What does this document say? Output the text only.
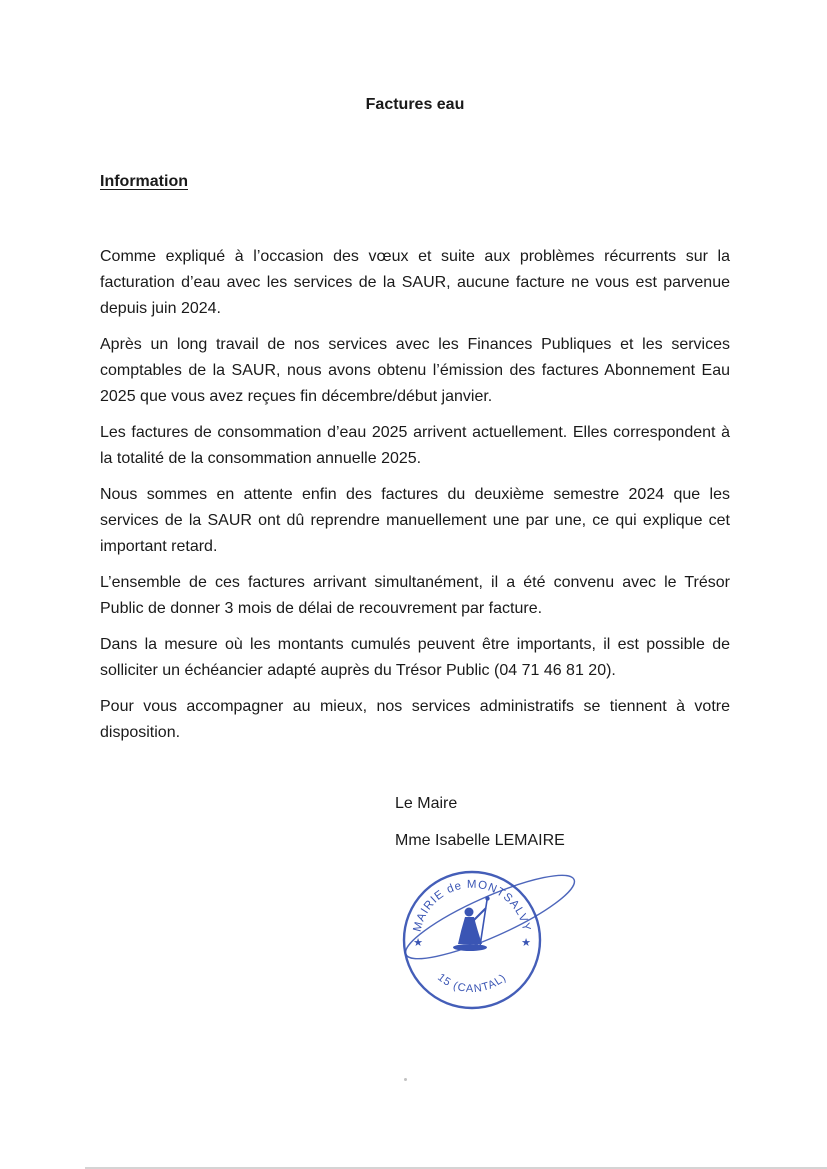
Factures eau
Information

Comme expliqué à l’occasion des vœux et suite aux problèmes récurrents sur la facturation d’eau avec les services de la SAUR, aucune facture ne vous est parvenue depuis juin 2024.

Après un long travail de nos services avec les Finances Publiques et les services comptables de la SAUR, nous avons obtenu l’émission des factures Abonnement Eau 2025 que vous avez reçues fin décembre/début janvier.

Les factures de consommation d’eau 2025 arrivent actuellement. Elles correspondent à la totalité de la consommation annuelle 2025.

Nous sommes en attente enfin des factures du deuxième semestre 2024 que les services de la SAUR ont dû reprendre manuellement une par une, ce qui explique cet important retard.

L’ensemble de ces factures arrivant simultanément, il a été convenu avec le Trésor Public de donner 3 mois de délai de recouvrement par facture.

Dans la mesure où les montants cumulés peuvent être importants, il est possible de solliciter un échéancier adapté auprès du Trésor Public (04 71 46 81 20).

Pour vous accompagner au mieux, nos services administratifs se tiennent à votre disposition.

Le Maire

Mme Isabelle LEMAIRE

MAIRIE de MONTSALVY
15 (CANTAL)
★	★
